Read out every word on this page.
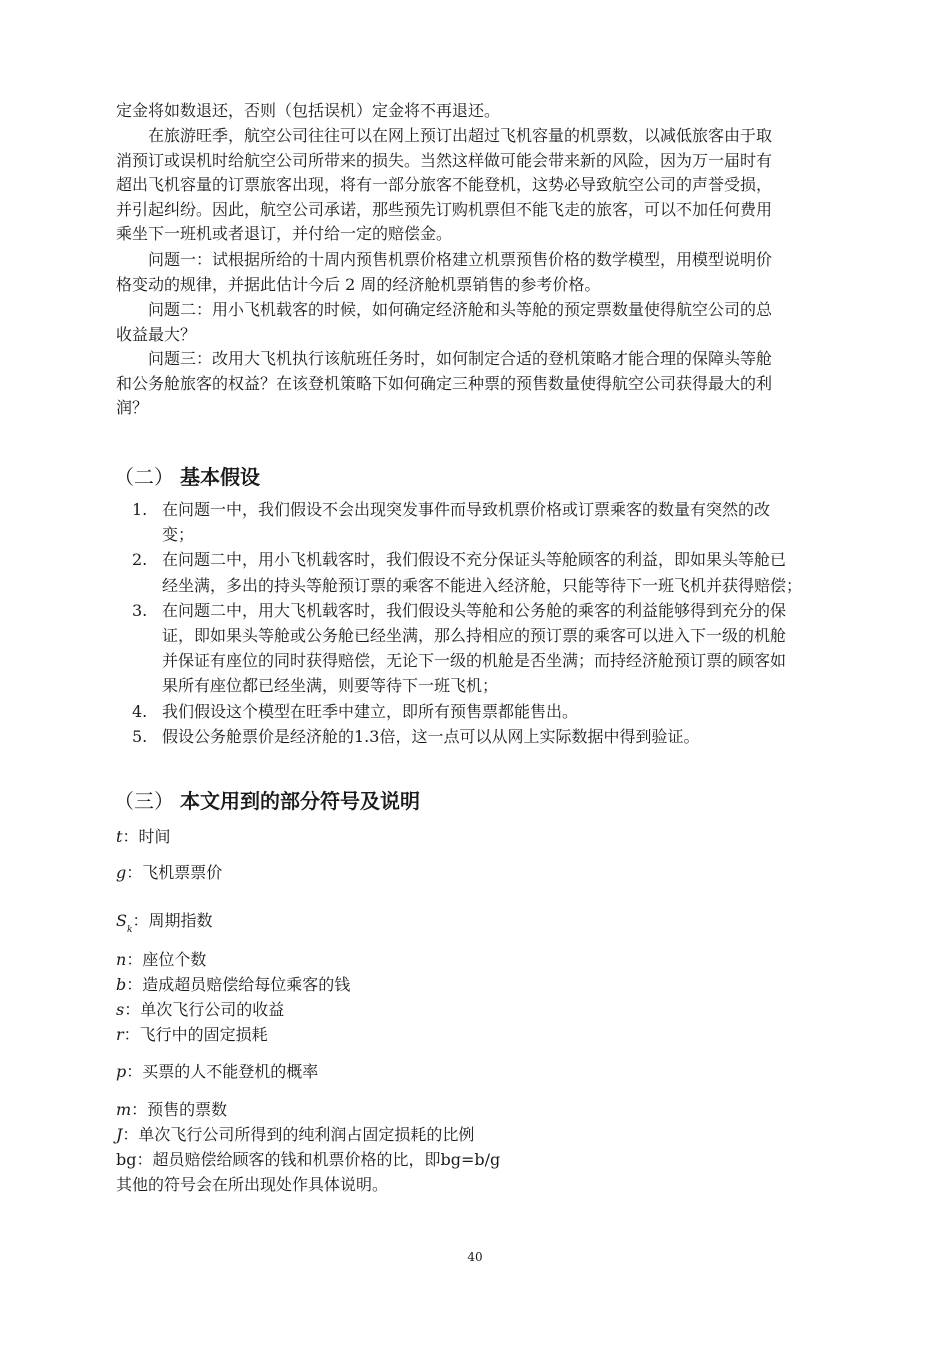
定金将如数退还，否则（包括误机）定金将不再退还。

在旅游旺季，航空公司往往可以在网上预订出超过飞机容量的机票数，以减低旅客由于取
消预订或误机时给航空公司所带来的损失。当然这样做可能会带来新的风险，因为万一届时有
超出飞机容量的订票旅客出现，将有一部分旅客不能登机，这势必导致航空公司的声誉受损，
并引起纠纷。因此，航空公司承诺，那些预先订购机票但不能飞走的旅客，可以不加任何费用
乘坐下一班机或者退订，并付给一定的赔偿金。

问题一：试根据所给的十周内预售机票价格建立机票预售价格的数学模型，用模型说明价
格变动的规律，并据此估计今后 2 周的经济舱机票销售的参考价格。

问题二：用小飞机载客的时候，如何确定经济舱和头等舱的预定票数量使得航空公司的总
收益最大？

问题三：改用大飞机执行该航班任务时，如何制定合适的登机策略才能合理的保障头等舱
和公务舱旅客的权益？在该登机策略下如何确定三种票的预售数量使得航空公司获得最大的利
润？

（二） 基本假设
1. 在问题一中，我们假设不会出现突发事件而导致机票价格或订票乘客的数量有突然的改
变；
2. 在问题二中，用小飞机载客时，我们假设不充分保证头等舱顾客的利益，即如果头等舱已
经坐满，多出的持头等舱预订票的乘客不能进入经济舱，只能等待下一班飞机并获得赔偿；
3. 在问题二中，用大飞机载客时，我们假设头等舱和公务舱的乘客的利益能够得到充分的保
证，即如果头等舱或公务舱已经坐满，那么持相应的预订票的乘客可以进入下一级的机舱
并保证有座位的同时获得赔偿，无论下一级的机舱是否坐满；而持经济舱预订票的顾客如
果所有座位都已经坐满，则要等待下一班飞机；
4. 我们假设这个模型在旺季中建立，即所有预售票都能售出。
5. 假设公务舱票价是经济舱的1.3倍，这一点可以从网上实际数据中得到验证。
（三） 本文用到的部分符号及说明

t：时间

g：飞机票票价

$S_k$：周期指数

n：座位个数

b：造成超员赔偿给每位乘客的钱

s：单次飞行公司的收益

r：飞行中的固定损耗

p：买票的人不能登机的概率

m：预售的票数

J：单次飞行公司所得到的纯利润占固定损耗的比例

bg：超员赔偿给顾客的钱和机票价格的比，即bg=b/g

其他的符号会在所出现处作具体说明。

40
